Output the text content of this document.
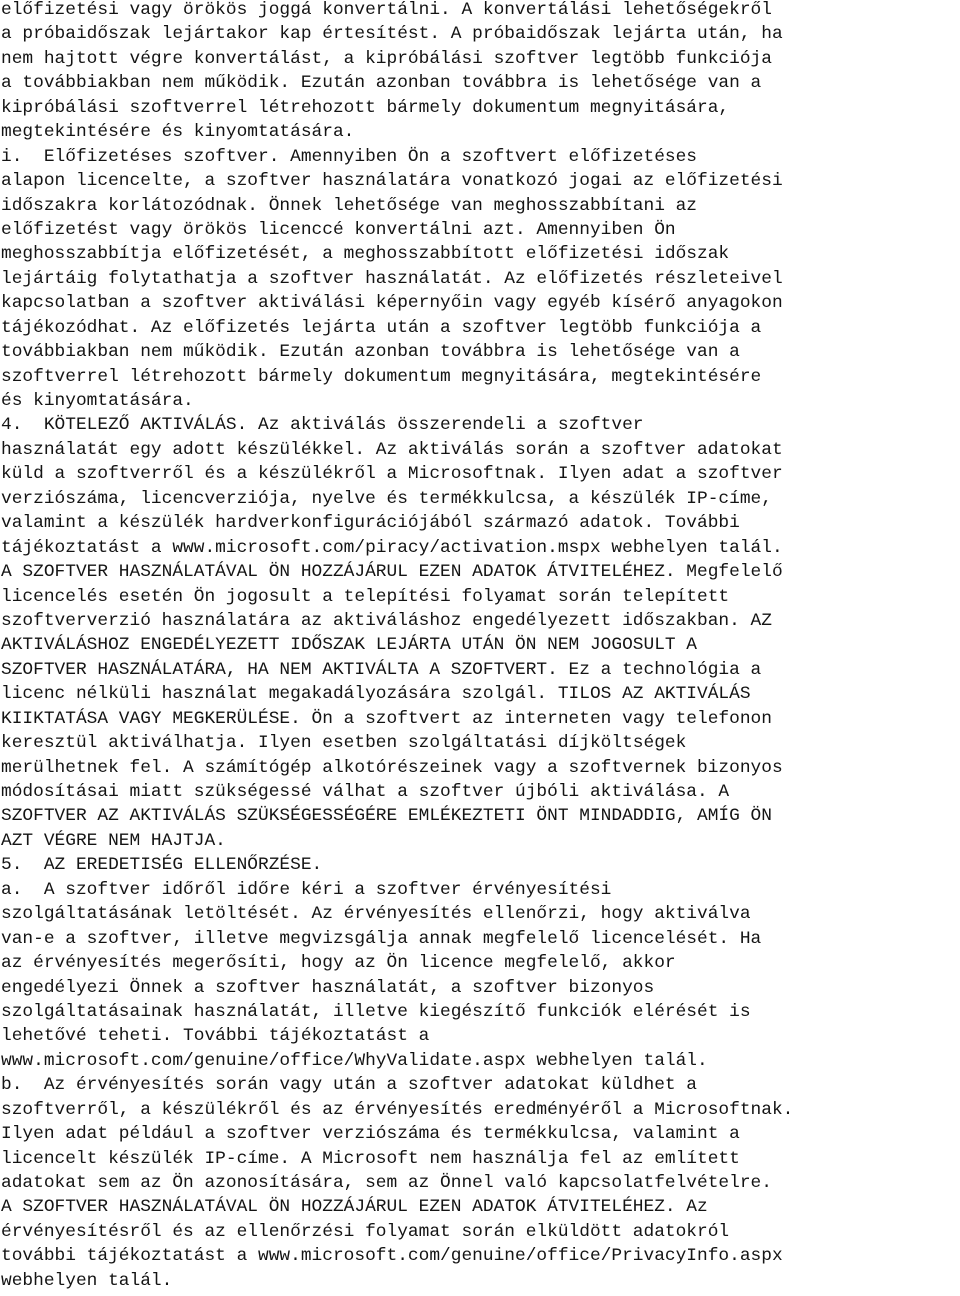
előfizetési vagy örökös joggá konvertálni. A konvertálási lehetőségekről
a próbaidőszak lejártakor kap értesítést. A próbaidőszak lejárta után, ha
nem hajtott végre konvertálást, a kipróbálási szoftver legtöbb funkciója
a továbbiakban nem működik. Ezután azonban továbbra is lehetősége van a
kipróbálási szoftverrel létrehozott bármely dokumentum megnyitására,
megtekintésére és kinyomtatására.
i.  Előfizetéses szoftver. Amennyiben Ön a szoftvert előfizetéses
alapon licencelte, a szoftver használatára vonatkozó jogai az előfizetési
időszakra korlátozódnak. Önnek lehetősége van meghosszabbítani az
előfizetést vagy örökös licenccé konvertálni azt. Amennyiben Ön
meghosszabbítja előfizetését, a meghosszabbított előfizetési időszak
lejártáig folytathatja a szoftver használatát. Az előfizetés részleteivel
kapcsolatban a szoftver aktiválási képernyőin vagy egyéb kísérő anyagokon
tájékozódhat. Az előfizetés lejárta után a szoftver legtöbb funkciója a
továbbiakban nem működik. Ezután azonban továbbra is lehetősége van a
szoftverrel létrehozott bármely dokumentum megnyitására, megtekintésére
és kinyomtatására.
4.  KÖTELEZŐ AKTIVÁLÁS. Az aktiválás összerendeli a szoftver
használatát egy adott készülékkel. Az aktiválás során a szoftver adatokat
küld a szoftverről és a készülékről a Microsoftnak. Ilyen adat a szoftver
verziószáma, licencverziója, nyelve és termékkulcsa, a készülék IP-címe,
valamint a készülék hardverkonfigurációjából származó adatok. További
tájékoztatást a www.microsoft.com/piracy/activation.mspx webhelyen talál.
A SZOFTVER HASZNÁLATÁVAL ÖN HOZZÁJÁRUL EZEN ADATOK ÁTVITELÉHEZ. Megfelelő
licencelés esetén Ön jogosult a telepítési folyamat során telepített
szoftververzió használatára az aktiváláshoz engedélyezett időszakban. AZ
AKTIVÁLÁSHOZ ENGEDÉLYEZETT IDŐSZAK LEJÁRTA UTÁN ÖN NEM JOGOSULT A
SZOFTVER HASZNÁLATÁRA, HA NEM AKTIVÁLTA A SZOFTVERT. Ez a technológia a
licenc nélküli használat megakadályozására szolgál. TILOS AZ AKTIVÁLÁS
KIIKTATÁSA VAGY MEGKERÜLÉSE. Ön a szoftvert az interneten vagy telefonon
keresztül aktiválhatja. Ilyen esetben szolgáltatási díjköltségek
merülhetnek fel. A számítógép alkotórészeinek vagy a szoftvernek bizonyos
módosításai miatt szükségessé válhat a szoftver újbóli aktiválása. A
SZOFTVER AZ AKTIVÁLÁS SZÜKSÉGESSÉGÉRE EMLÉKEZTETI ÖNT MINDADDIG, AMÍG ÖN
AZT VÉGRE NEM HAJTJA.
5.  AZ EREDETISÉG ELLENŐRZÉSE.
a.  A szoftver időről időre kéri a szoftver érvényesítési
szolgáltatásának letöltését. Az érvényesítés ellenőrzi, hogy aktiválva
van-e a szoftver, illetve megvizsgálja annak megfelelő licencelését. Ha
az érvényesítés megerősíti, hogy az Ön licence megfelelő, akkor
engedélyezi Önnek a szoftver használatát, a szoftver bizonyos
szolgáltatásainak használatát, illetve kiegészítő funkciók elérését is
lehetővé teheti. További tájékoztatást a
www.microsoft.com/genuine/office/WhyValidate.aspx webhelyen talál.
b.  Az érvényesítés során vagy után a szoftver adatokat küldhet a
szoftverről, a készülékről és az érvényesítés eredményéről a Microsoftnak.
Ilyen adat például a szoftver verziószáma és termékkulcsa, valamint a
licencelt készülék IP-címe. A Microsoft nem használja fel az említett
adatokat sem az Ön azonosítására, sem az Önnel való kapcsolatfelvételre.
A SZOFTVER HASZNÁLATÁVAL ÖN HOZZÁJÁRUL EZEN ADATOK ÁTVITELÉHEZ. Az
érvényesítésről és az ellenőrzési folyamat során elküldött adatokról
további tájékoztatást a www.microsoft.com/genuine/office/PrivacyInfo.aspx
webhelyen talál.
